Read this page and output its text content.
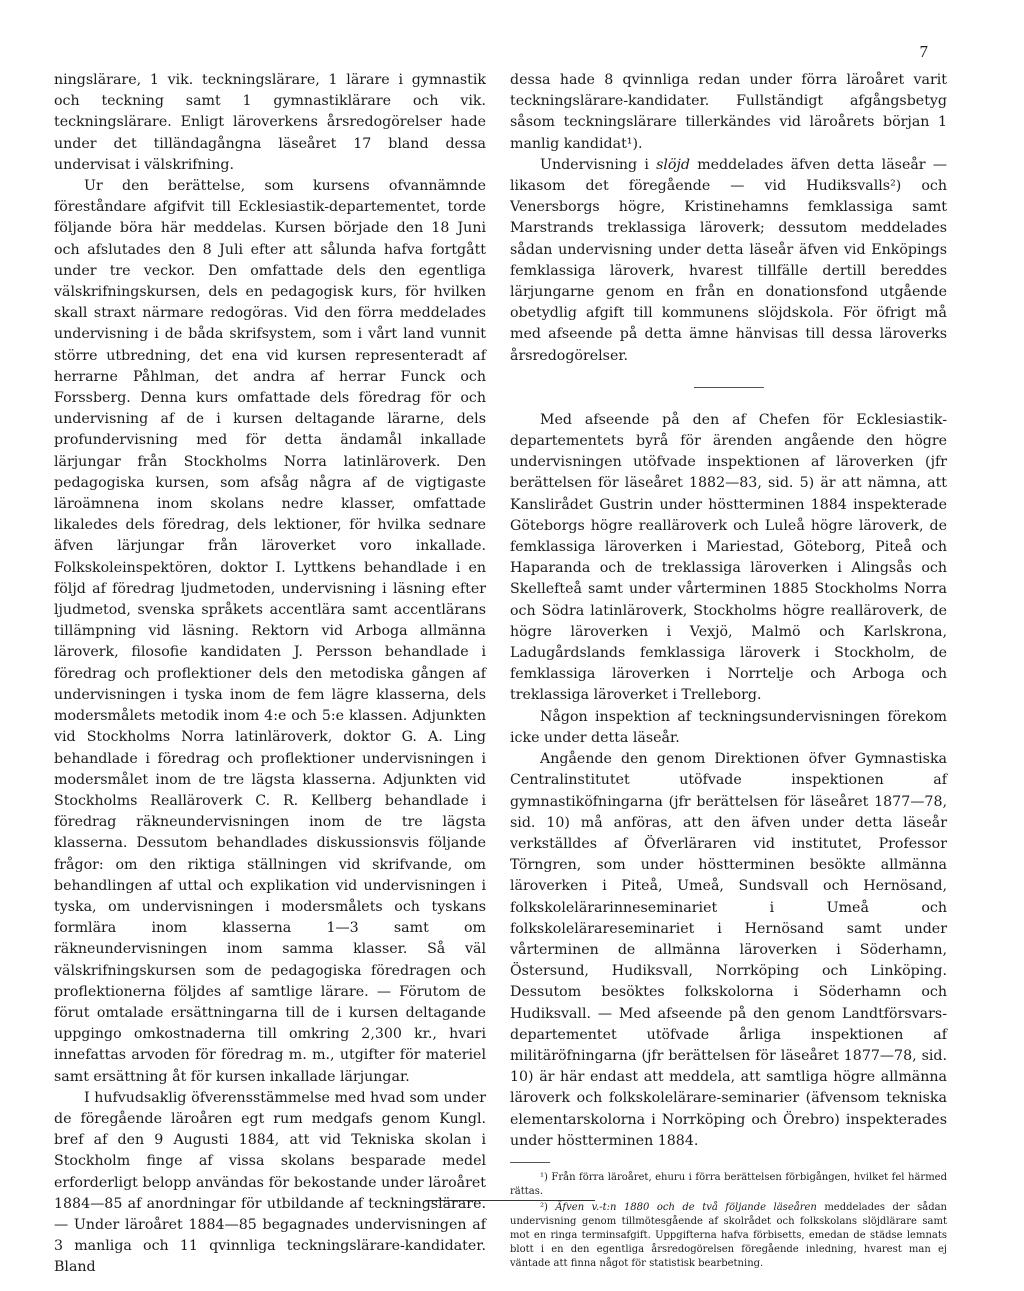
7

ningslärare, 1 vik. teckningslärare, 1 lärare i gymnastik och teckning samt 1 gymnastiklärare och vik. teckningslärare. Enligt läroverkens årsredogörelser hade under det tilländagångna läseåret 17 bland dessa undervisat i välskrifning.

Ur den berättelse, som kursens ofvannämnde föreståndare afgifvit till Ecklesiastik-departementet, torde följande böra här meddelas. Kursen började den 18 Juni och afslutades den 8 Juli efter att sålunda hafva fortgått under tre veckor. Den omfattade dels den egentliga välskrifningskursen, dels en pedagogisk kurs, för hvilken skall straxt närmare redogöras. Vid den förra meddelades undervisning i de båda skrifsystem, som i vårt land vunnit större utbredning, det ena vid kursen representeradt af herrarne Påhlman, det andra af herrar Funck och Forssberg. Denna kurs omfattade dels föredrag för och undervisning af de i kursen deltagande lärarne, dels profundervisning med för detta ändamål inkallade lärjungar från Stockholms Norra latinläroverk. Den pedagogiska kursen, som afsåg några af de vigtigaste läroämnena inom skolans nedre klasser, omfattade likaledes dels föredrag, dels lektioner, för hvilka sednare äfven lärjungar från läroverket voro inkallade. Folkskoleinspektören, doktor I. Lyttkens behandlade i en följd af föredrag ljudmetoden, undervisning i läsning efter ljudmetod, svenska språkets accentlära samt accentlärans tillämpning vid läsning. Rektorn vid Arboga allmänna läroverk, filosofie kandidaten J. Persson behandlade i föredrag och proflektioner dels den metodiska gången af undervisningen i tyska inom de fem lägre klasserna, dels modersmålets metodik inom 4:e och 5:e klassen. Adjunkten vid Stockholms Norra latinläroverk, doktor G. A. Ling behandlade i föredrag och proflektioner undervisningen i modersmålet inom de tre lägsta klasserna. Adjunkten vid Stockholms Realläroverk C. R. Kellberg behandlade i föredrag räkneundervisningen inom de tre lägsta klasserna. Dessutom behandlades diskussionsvis följande frågor: om den riktiga ställningen vid skrifvande, om behandlingen af uttal och explikation vid undervisningen i tyska, om undervisningen i modersmålets och tyskans formlära inom klasserna 1—3 samt om räkneundervisningen inom samma klasser. Så väl välskrifningskursen som de pedagogiska föredragen och proflektionerna följdes af samtlige lärare. — Förutom de förut omtalade ersättningarna till de i kursen deltagande uppgingo omkostnaderna till omkring 2,300 kr., hvari innefattas arvoden för föredrag m. m., utgifter för materiel samt ersättning åt för kursen inkallade lärjungar.

I hufvudsaklig öfverensstämmelse med hvad som under de föregående läroåren egt rum medgafs genom Kungl. bref af den 9 Augusti 1884, att vid Tekniska skolan i Stockholm finge af vissa skolans besparade medel erforderligt belopp användas för bekostande under läroåret 1884—85 af anordningar för utbildande af teckningslärare. — Under läroåret 1884—85 begagnades undervisningen af 3 manliga och 11 qvinnliga teckningslärare-kandidater. Bland

dessa hade 8 qvinnliga redan under förra läroåret varit teckningslärare-kandidater. Fullständigt afgångsbetyg såsom teckningslärare tillerkändes vid läroårets början 1 manlig kandidat¹).

Undervisning i slöjd meddelades äfven detta läseår — likasom det föregående — vid Hudiksvalls²) och Venersborgs högre, Kristinehamns femklassiga samt Marstrands treklassiga läroverk; dessutom meddelades sådan undervisning under detta läseår äfven vid Enköpings femklassiga läroverk, hvarest tillfälle dertill bereddes lärjungarne genom en från en donationsfond utgående obetydlig afgift till kommunens slöjdskola. För öfrigt må med afseende på detta ämne hänvisas till dessa läroverks årsredogörelser.

Med afseende på den af Chefen för Ecklesiastik-departementets byrå för ärenden angående den högre undervisningen utöfvade inspektionen af läroverken (jfr berättelsen för läseåret 1882—83, sid. 5) är att nämna, att Kanslirådet Gustrin under höstterminen 1884 inspekterade Göteborgs högre realläroverk och Luleå högre läroverk, de femklassiga läroverken i Mariestad, Göteborg, Piteå och Haparanda och de treklassiga läroverken i Alingsås och Skellefteå samt under vårterminen 1885 Stockholms Norra och Södra latinläroverk, Stockholms högre realläroverk, de högre läroverken i Vexjö, Malmö och Karlskrona, Ladugårdslands femklassiga läroverk i Stockholm, de femklassiga läroverken i Norrtelje och Arboga och treklassiga läroverket i Trelleborg.

Någon inspektion af teckningsundervisningen förekom icke under detta läseår.

Angående den genom Direktionen öfver Gymnastiska Centralinstitutet utöfvade inspektionen af gymnastiköfningarna (jfr berättelsen för läseåret 1877—78, sid. 10) må anföras, att den äfven under detta läseår verkställdes af Öfverläraren vid institutet, Professor Törngren, som under höstterminen besökte allmänna läroverken i Piteå, Umeå, Sundsvall och Hernösand, folkskolelärarinneseminariet i Umeå och folkskolelärareseminariet i Hernösand samt under vårterminen de allmänna läroverken i Söderhamn, Östersund, Hudiksvall, Norrköping och Linköping. Dessutom besöktes folkskolorna i Söderhamn och Hudiksvall. — Med afseende på den genom Landtförsvars-departementet utöfvade årliga inspektionen af militäröfningarna (jfr berättelsen för läseåret 1877—78, sid. 10) är här endast att meddela, att samtliga högre allmänna läroverk och folkskolelärare-seminarier (äfvensom tekniska elementarskolorna i Norrköping och Örebro) inspekterades under höstterminen 1884.

¹) Från förra läroåret, ehuru i förra berättelsen förbigången, hvilket fel härmed rättas.

²) Äfven v.-t:n 1880 och de två följande läseåren meddelades der sådan undervisning genom tillmötesgående af skolrådet och folkskolans slöjdlärare samt mot en ringa terminsafgift. Uppgifterna hafva förbisetts, emedan de städse lemnats blott i en den egentliga årsredogörelsen föregående inledning, hvarest man ej väntade att finna något för statistisk bearbetning.
